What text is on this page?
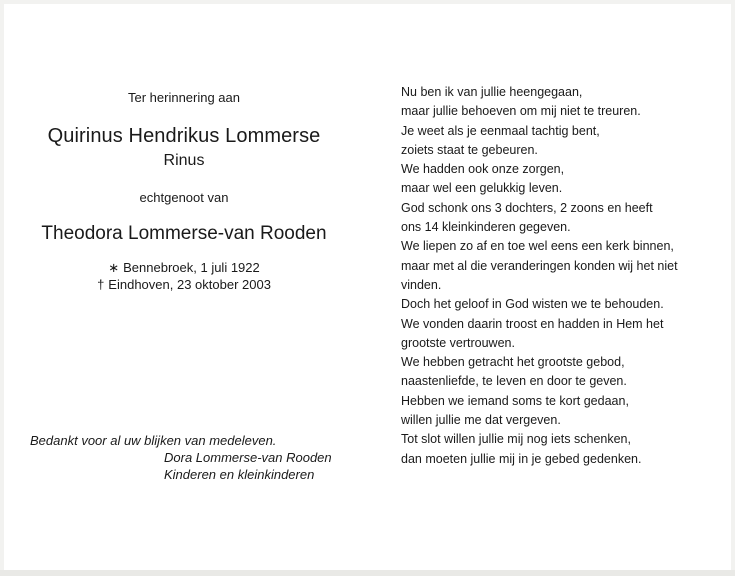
Ter herinnering aan
Quirinus Hendrikus Lommerse
Rinus
echtgenoot van
Theodora Lommerse-van Rooden
∗ Bennebroek, 1 juli 1922
† Eindhoven, 23 oktober 2003
Bedankt voor al uw blijken van medeleven.
Dora Lommerse-van Rooden
Kinderen en kleinkinderen
Nu ben ik van jullie heengegaan,
maar jullie behoeven om mij niet te treuren.
Je weet als je eenmaal tachtig bent,
zoiets staat te gebeuren.
We hadden ook onze zorgen,
maar wel een gelukkig leven.
God schonk ons 3 dochters, 2 zoons en heeft
ons 14 kleinkinderen gegeven.
We liepen zo af en toe wel eens een kerk binnen,
maar met al die veranderingen konden wij het niet
vinden.
Doch het geloof in God wisten we te behouden.
We vonden daarin troost en hadden in Hem het
grootste vertrouwen.
We hebben getracht het grootste gebod,
naastenliefde, te leven en door te geven.
Hebben we iemand soms te kort gedaan,
willen jullie me dat vergeven.
Tot slot willen jullie mij nog iets schenken,
dan moeten jullie mij in je gebed gedenken.
